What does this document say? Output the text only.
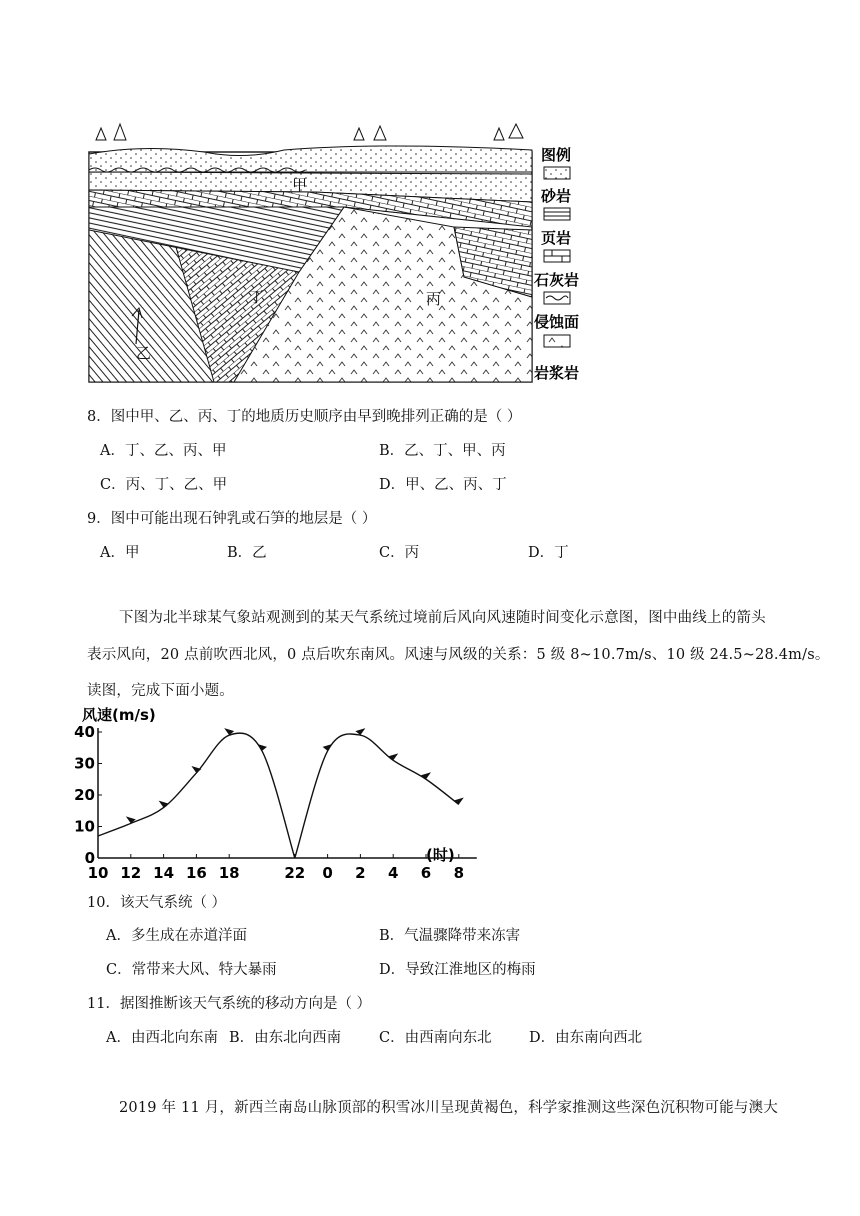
甲
乙
丙
丁
图例
砂岩
页岩
石灰岩
侵蚀面
岩浆岩
8．图中甲、乙、丙、丁的地质历史顺序由早到晚排列正确的是（ ）
A．丁、乙、丙、甲	B．乙、丁、甲、丙
C．丙、丁、乙、甲	D．甲、乙、丙、丁
9．图中可能出现石钟乳或石笋的地层是（ ）
A．甲	B．乙	C．丙	D．丁
下图为北半球某气象站观测到的某天气系统过境前后风向风速随时间变化示意图，图中曲线上的箭头
表示风向，20 点前吹西北风，0 点后吹东南风。风速与风级的关系：5 级 8~10.7m/s、10 级 24.5~28.4m/s。
读图，完成下面小题。
风速(m/s)
(时)
10 12 14 16 18	22 0 2 4 6 8
0
10
20
30
40
10．该天气系统（ ）
A．多生成在赤道洋面	B．气温骤降带来冻害
C．常带来大风、特大暴雨	D．导致江淮地区的梅雨
11．据图推断该天气系统的移动方向是（ ）
A．由西北向东南 B．由东北向西南	C．由西南向东北	D．由东南向西北
2019 年 11 月，新西兰南岛山脉顶部的积雪冰川呈现黄褐色，科学家推测这些深色沉积物可能与澳大
